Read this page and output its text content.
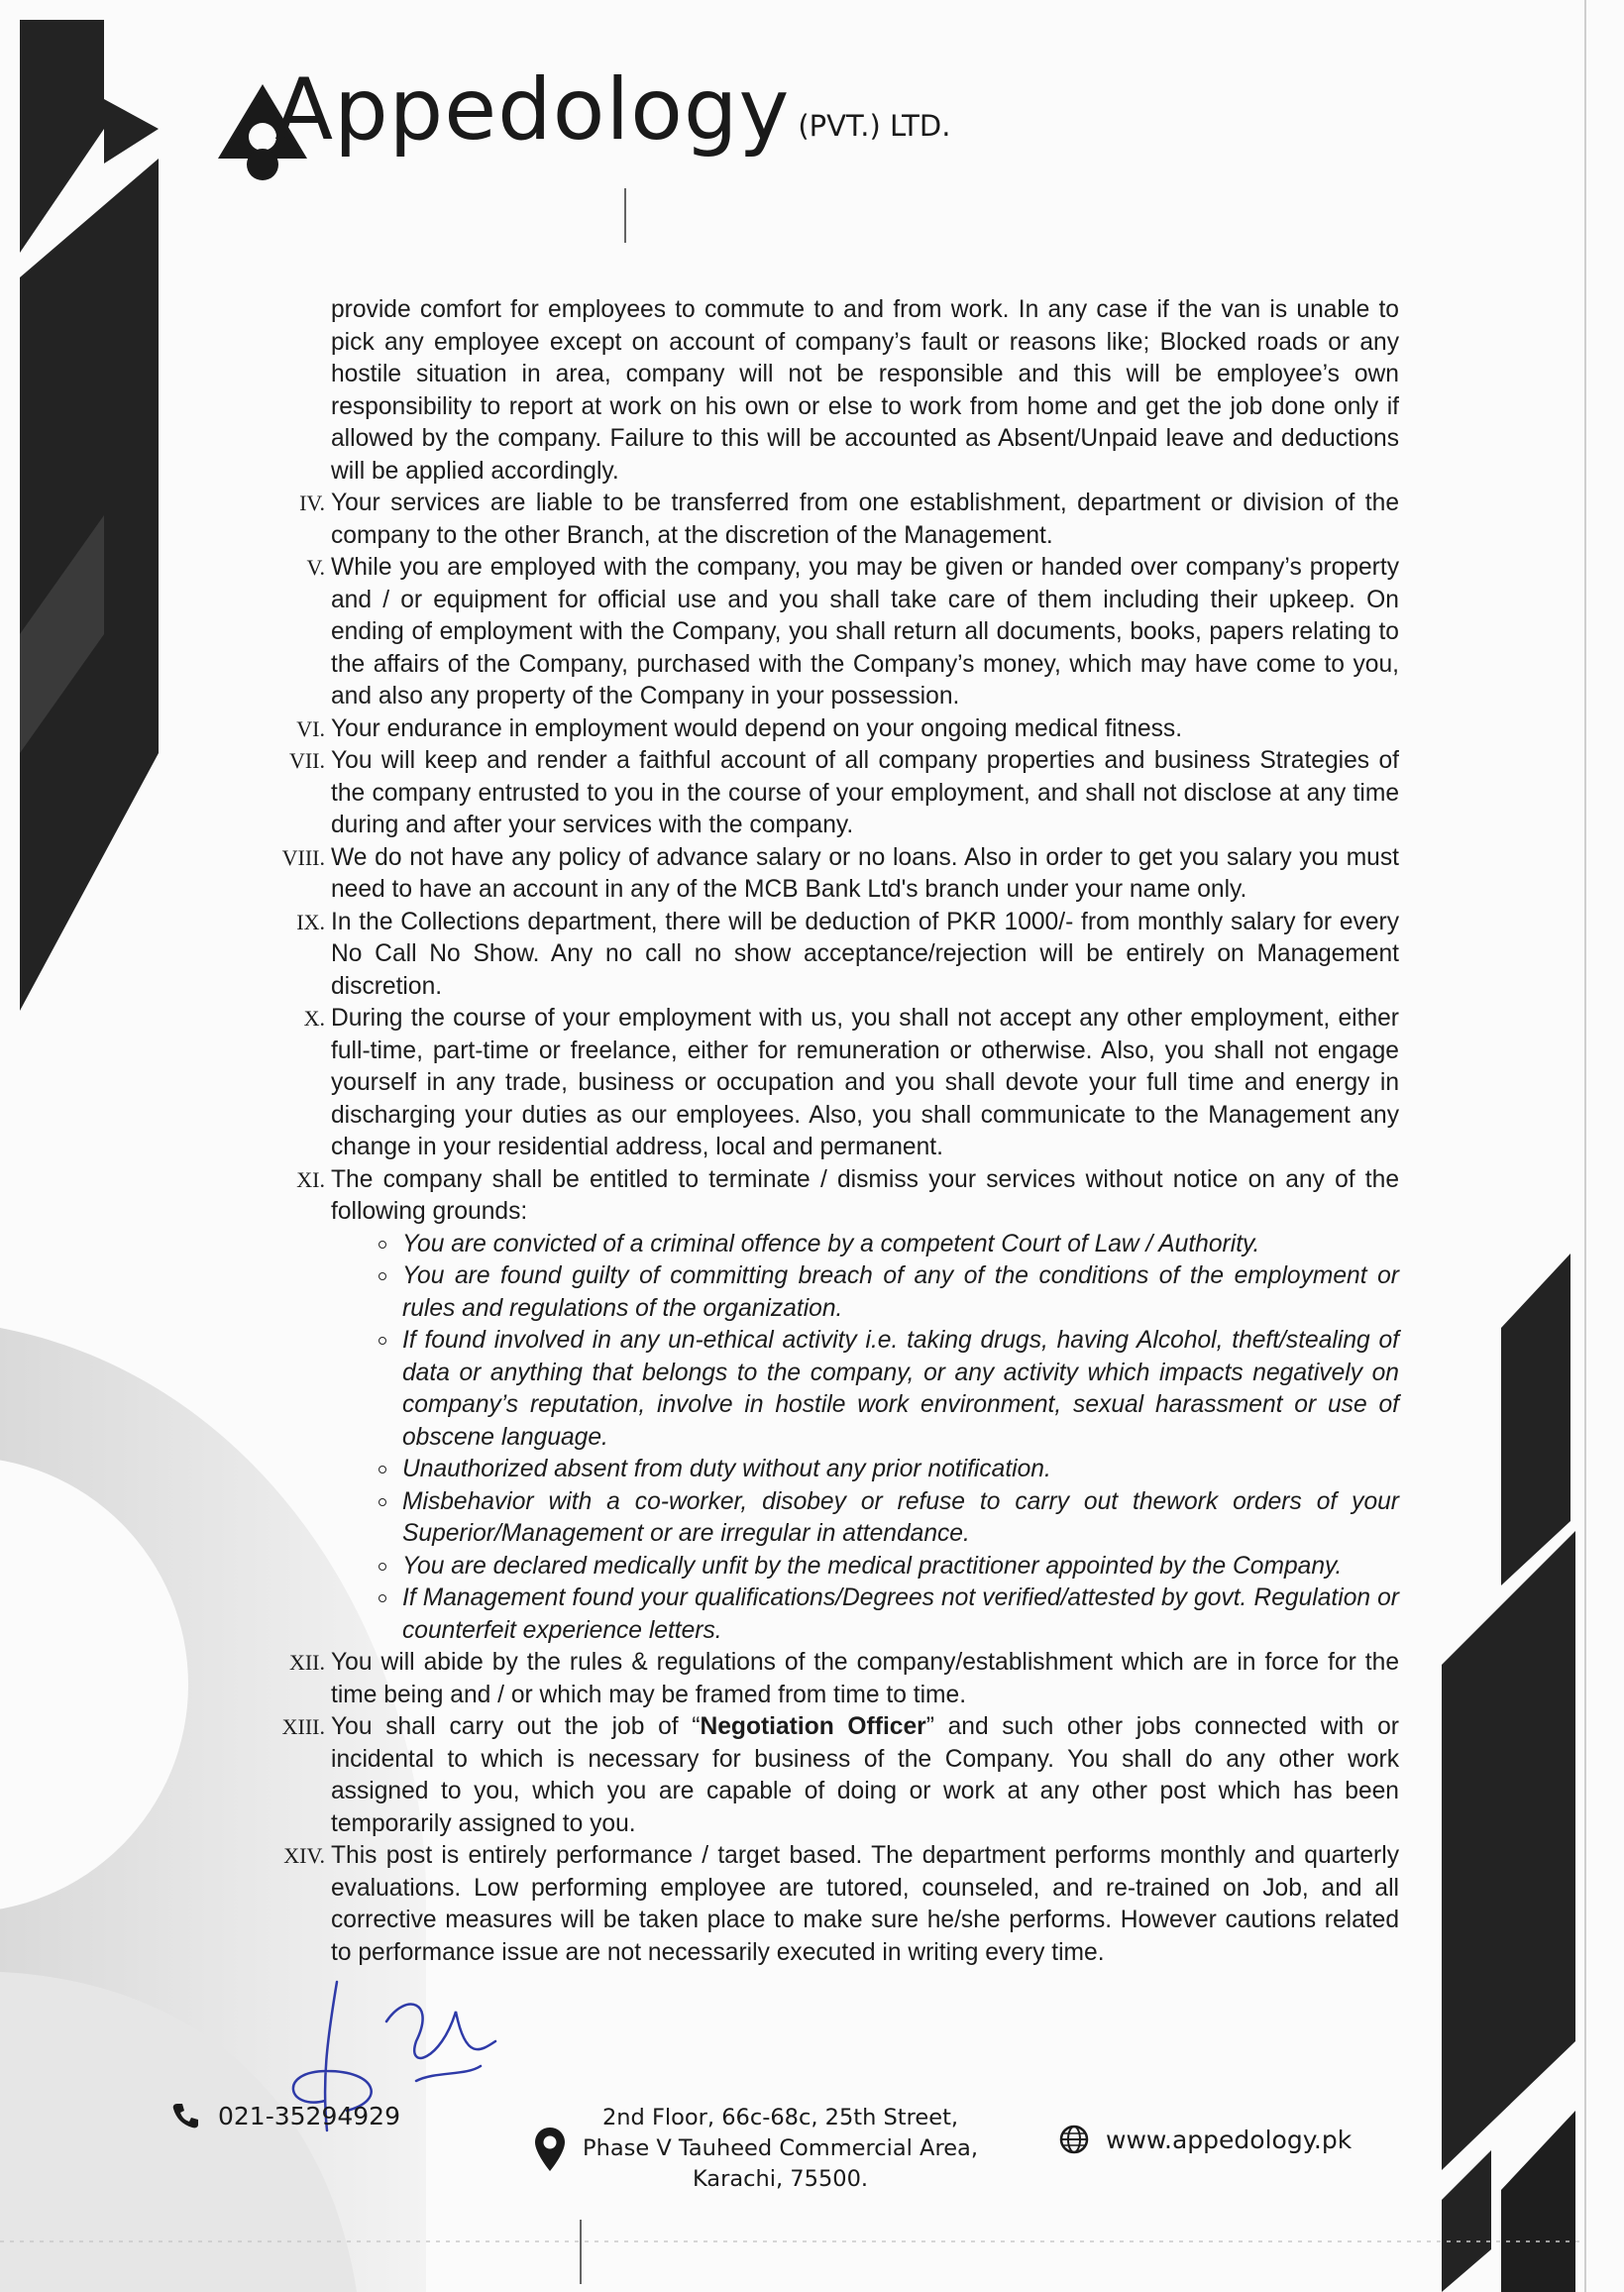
Appedology (PVT.) LTD.

provide comfort for employees to commute to and from work. In any case if the van is unable to pick any employee except on account of company’s fault or reasons like; Blocked roads or any hostile situation in area, company will not be responsible and this will be employee’s own responsibility to report at work on his own or else to work from home and get the job done only if allowed by the company. Failure to this will be accounted as Absent/Unpaid leave and deductions will be applied accordingly.

IV. Your services are liable to be transferred from one establishment, department or division of the company to the other Branch, at the discretion of the Management.

V. While you are employed with the company, you may be given or handed over company’s property and / or equipment for official use and you shall take care of them including their upkeep. On ending of employment with the Company, you shall return all documents, books, papers relating to the affairs of the Company, purchased with the Company’s money, which may have come to you, and also any property of the Company in your possession.

VI. Your endurance in employment would depend on your ongoing medical fitness.

VII. You will keep and render a faithful account of all company properties and business Strategies of the company entrusted to you in the course of your employment, and shall not disclose at any time during and after your services with the company.

VIII. We do not have any policy of advance salary or no loans. Also in order to get you salary you must need to have an account in any of the MCB Bank Ltd's branch under your name only.

IX. In the Collections department, there will be deduction of PKR 1000/- from monthly salary for every No Call No Show. Any no call no show acceptance/rejection will be entirely on Management discretion.

X. During the course of your employment with us, you shall not accept any other employment, either full-time, part-time or freelance, either for remuneration or otherwise. Also, you shall not engage yourself in any trade, business or occupation and you shall devote your full time and energy in discharging your duties as our employees. Also, you shall communicate to the Management any change in your residential address, local and permanent.

XI. The company shall be entitled to terminate / dismiss your services without notice on any of the following grounds:

You are convicted of a criminal offence by a competent Court of Law / Authority.
You are found guilty of committing breach of any of the conditions of the employment or rules and regulations of the organization.
If found involved in any un-ethical activity i.e. taking drugs, having Alcohol, theft/stealing of data or anything that belongs to the company, or any activity which impacts negatively on company’s reputation, involve in hostile work environment, sexual harassment or use of obscene language.
Unauthorized absent from duty without any prior notification.
Misbehavior with a co-worker, disobey or refuse to carry out thework orders of your Superior/Management or are irregular in attendance.
You are declared medically unfit by the medical practitioner appointed by the Company.
If Management found your qualifications/Degrees not verified/attested by govt. Regulation or counterfeit experience letters.

XII. You will abide by the rules & regulations of the company/establishment which are in force for the time being and / or which may be framed from time to time.

XIII. You shall carry out the job of “Negotiation Officer” and such other jobs connected with or incidental to which is necessary for business of the Company. You shall do any other work assigned to you, which you are capable of doing or work at any other post which has been temporarily assigned to you.

XIV. This post is entirely performance / target based. The department performs monthly and quarterly evaluations. Low performing employee are tutored, counseled, and re-trained on Job, and all corrective measures will be taken place to make sure he/she performs. However cautions related to performance issue are not necessarily executed in writing every time.

021-35294929	2nd Floor, 66c-68c, 25th Street,
Phase V Tauheed Commercial Area,
Karachi, 75500.
www.appedology.pk
